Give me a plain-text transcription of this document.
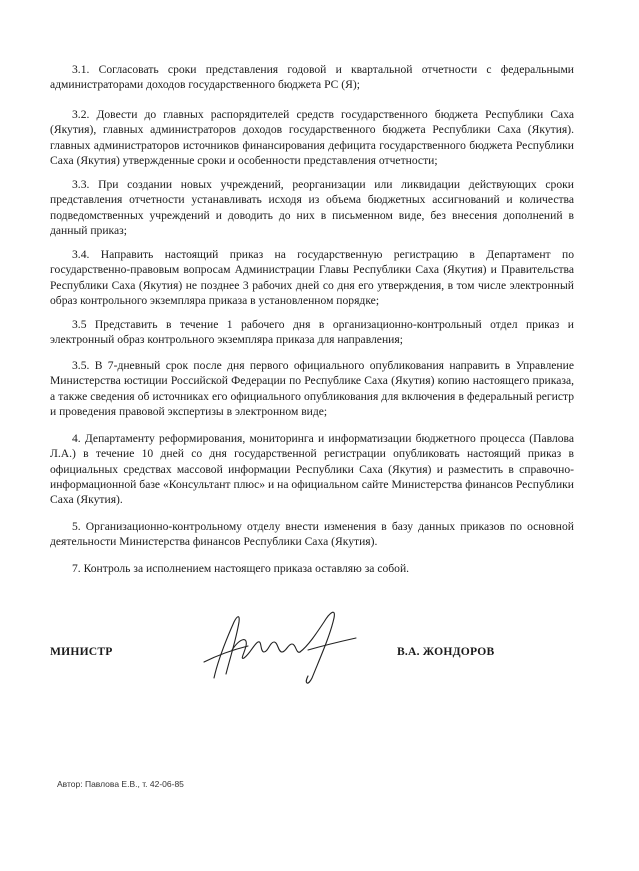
3.1. Согласовать сроки представления годовой и квартальной отчетности с федеральными администраторами доходов государственного бюджета РС (Я);
3.2. Довести до главных распорядителей средств государственного бюджета Республики Саха (Якутия), главных администраторов доходов государственного бюджета Республики Саха (Якутия). главных администраторов источников финансирования дефицита государственного бюджета Республики Саха (Якутия) утвержденные сроки и особенности представления отчетности;
3.3. При создании новых учреждений, реорганизации или ликвидации действующих сроки представления отчетности устанавливать исходя из объема бюджетных ассигнований и количества подведомственных учреждений и доводить до них в письменном виде, без внесения дополнений в данный приказ;
3.4. Направить настоящий приказ на государственную регистрацию в Департамент по государственно-правовым вопросам Администрации Главы Республики Саха (Якутия) и Правительства Республики Саха (Якутия) не позднее 3 рабочих дней со дня его утверждения, в том числе электронный образ контрольного экземпляра приказа в установленном порядке;
3.5 Представить в течение 1 рабочего дня в организационно-контрольный отдел приказ и электронный образ контрольного экземпляра приказа для направления;
3.5. В 7-дневный срок после дня первого официального опубликования направить в Управление Министерства юстиции Российской Федерации по Республике Саха (Якутия) копию настоящего приказа, а также сведения об источниках его официального опубликования для включения в федеральный регистр и проведения правовой экспертизы в электронном виде;
4. Департаменту реформирования, мониторинга и информатизации бюджетного процесса (Павлова Л.А.) в течение 10 дней со дня государственной регистрации опубликовать настоящий приказ в официальных средствах массовой информации Республики Саха (Якутия) и разместить в справочно-информационной базе «Консультант плюс» и на официальном сайте Министерства финансов Республики Саха (Якутия).
5. Организационно-контрольному отделу внести изменения в базу данных приказов по основной деятельности Министерства финансов Республики Саха (Якутия).
7. Контроль за исполнением настоящего приказа оставляю за собой.
МИНИСТР	В.А. ЖОНДОРОВ
Автор: Павлова Е.В., т. 42-06-85
